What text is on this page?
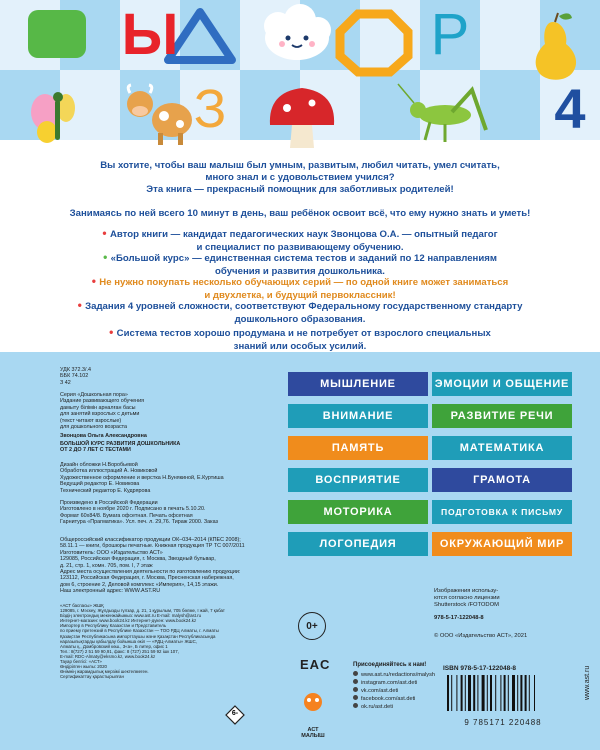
Ы	Р
З	4
Вы хотите, чтобы ваш малыш был умным, развитым, любил читать, умел считать,
много знал и с удовольствием учился?
Эта книга — прекрасный помощник для заботливых родителей!
Занимаясь по ней всего 10 минут в день, ваш ребёнок освоит всё, что ему нужно знать и уметь!
• Автор книги — кандидат педагогических наук Звонцова О.А. — опытный педагог
и специалист по развивающему обучению.
• «Большой курс» — единственная система тестов и заданий по 12 направлениям
обучения и развития дошкольника.
• Не нужно покупать несколько обучающих серий — по одной книге может заниматься
и двухлетка, и будущий первоклассник!
• Задания 4 уровней сложности, соответствуют Федеральному государственному стандарту
дошкольного образования.
• Система тестов хорошо продумана и не потребует от взрослого специальных
знаний или особых усилий.
УДК 372.3/.4
ББК 74.102
З 42
Серия «Дошкольная пора»
Издание развивающего обучения
дамыту бiлiмiн арналған басы
для занятий взрослых с детьми
(текст читают взрослые)
для дошкольного возраста
Звонцова Ольга Александровна
БОЛЬШОЙ КУРС РАЗВИТИЯ ДОШКОЛЬНИКА
ОТ 2 ДО 7 ЛЕТ С ТЕСТАМИ
Дизайн обложки Н.Воробьевой
Обработка иллюстраций А. Новиковой
Художественное оформление и верстка Н.Бунякиной, Е.Куртиша
Ведущий редактор Е. Новикова
Технический редактор Е. Кудрярова
Произведено в Российской Федерации
Изготовлено в ноябре 2020 г. Подписано в печать 5.10.20.
Формат 60х84/8. Бумага офсетная. Печать офсетная
Гарнитура «Прагматика». Усл. печ. л. 29,76. Тираж 2000. Заказ
Общероссийский классификатор продукции ОК–034–2014 (КПЕС 2008);
58.11.1 — книги, брошюры печатные. Книжная продукция ТР ТС 007/2011
Изготовитель: ООО «Издательство АСТ»
129085, Российская Федерация, г. Москва, Звездный бульвар,
д. 21, стр. 1, комн. 705, пом. I, 7 этаж
Адрес места осуществления деятельности по изготовлению продукции:
123112, Российская Федерация, г. Москва, Пресненская набережная,
дом 6, строение 2, Деловой комплекс «Империя», 14,15 этажи.
Наш электронный адрес: WWW.AST.RU
«АСТ баспасы» ЖШҚ
129085, г. Мәскеу, Жұлдызды гүлзар, д. 21, 1 құрылым, 705 бөлме, I жай, 7 қабат
Біздің электрондық мекенжайымыз: www.ast.ru E-mail: malysh@ast.ru
Интернет-магазин: www.book24.kz Интернет-дүкен: www.book24.kz
Импортер в Республику Казахстан и Представитель
по приему претензий в Республике Казахстан — ТОО РДЦ Алматы, г. Алматы
Қазақстан Республикасына импорттаушы және Қазақстан Республикасында
наразылықтарды қабылдау бойынша өкіл — «РДЦ-Алматы» ЖШС,
Алматы қ., Домбровский көш., 3«а», Б литер, офис 1
Тел.: 8(727) 2 51 59 90,91, факс: 8 (727) 251 59 92 ішк 107,
E-mail: RDC-Almaty@eksmo.kz, www.book24.kz
Тауар белгісі: «АСТ»
Өндірілген жылы: 2020
Өнімнің жарамдылық мерзімі шектелмеген.
Сертификаттау қарастырылған
0+
6-
МЫШЛЕНИЕ	ЭМОЦИИ И ОБЩЕНИЕ
ВНИМАНИЕ	РАЗВИТИЕ РЕЧИ
ПАМЯТЬ	МАТЕМАТИКА
ВОСПРИЯТИЕ	ГРАМОТА
МОТОРИКА	ПОДГОТОВКА К ПИСЬМУ
ЛОГОПЕДИЯ	ОКРУЖАЮЩИЙ МИР
Изображения использу-
ются согласно лицензии
Shutterstock /FOTODOM
978-5-17-122048-8
© ООО «Издательство АСТ», 2021
EAC
АСТ
МАЛЫШ
Присоединяйтесь к нам!
www.ast.ru/redactions/malysh
instagram.com/ast.deti
vk.com/ast.deti
facebook.com/ast.deti
ok.ru/ast.deti
ISBN 978-5-17-122048-8
9 785171 220488
www.ast.ru
